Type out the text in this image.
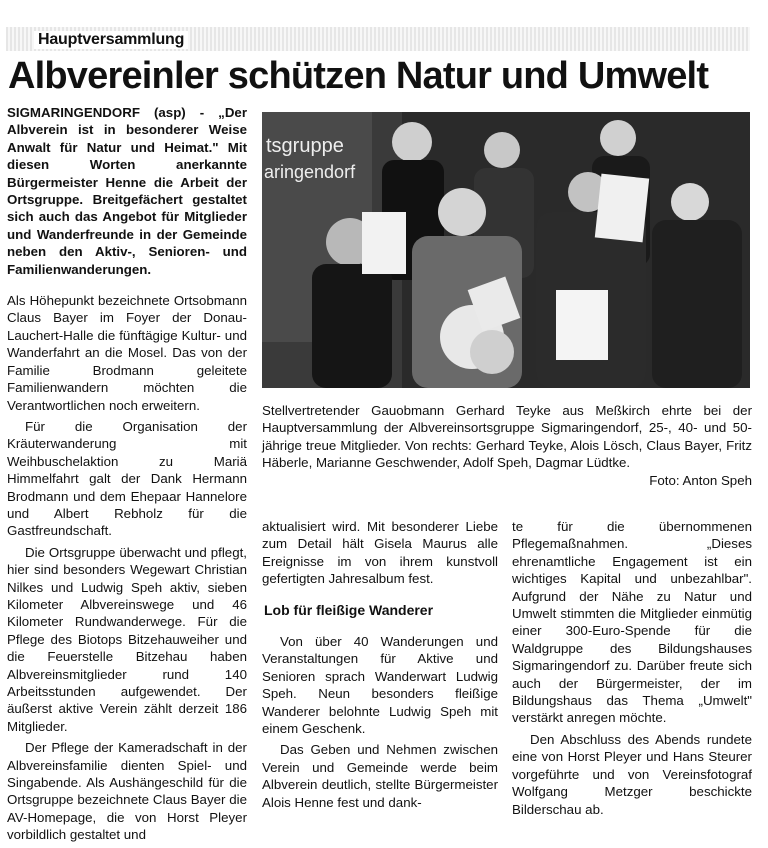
Hauptversammlung
Albvereinler schützen Natur und Umwelt

SIGMARINGENDORF (asp) - „Der Albverein ist in besonderer Weise Anwalt für Natur und Heimat." Mit diesen Worten anerkannte Bürgermeister Henne die Arbeit der Ortsgruppe. Breitgefächert gestaltet sich auch das Angebot für Mitglieder und Wanderfreunde in der Gemeinde neben den Aktiv-, Senioren- und Familienwanderungen.

Als Höhepunkt bezeichnete Ortsobmann Claus Bayer im Foyer der Donau-Lauchert-Halle die fünftägige Kultur- und Wanderfahrt an die Mosel. Das von der Familie Brodmann geleitete Familienwandern möchten die Verantwortlichen noch erweitern.

Für die Organisation der Kräuterwanderung mit Weihbuschelaktion zu Mariä Himmelfahrt galt der Dank Hermann Brodmann und dem Ehepaar Hannelore und Albert Rebholz für die Gastfreundschaft.

Die Ortsgruppe überwacht und pflegt, hier sind besonders Wegewart Christian Nilkes und Ludwig Speh aktiv, sieben Kilometer Albvereinswege und 46 Kilometer Rundwanderwege. Für die Pflege des Biotops Bitzehauweiher und die Feuerstelle Bitzehau haben Albvereinsmitglieder rund 140 Arbeitsstunden aufgewendet. Der äußerst aktive Verein zählt derzeit 186 Mitglieder.

Der Pflege der Kameradschaft in der Albvereinsfamilie dienten Spiel- und Singabende. Als Aushängeschild für die Ortsgruppe bezeichnete Claus Bayer die AV-Homepage, die von Horst Pleyer vorbildlich gestaltet und

tsgruppe
aringendorf
Stellvertretender Gauobmann Gerhard Teyke aus Meßkirch ehrte bei der Hauptversammlung der Albvereinsortsgruppe Sigmaringendorf, 25-, 40- und 50-jährige treue Mitglieder. Von rechts: Gerhard Teyke, Alois Lösch, Claus Bayer, Fritz Häberle, Marianne Geschwender, Adolf Speh, Dagmar Lüdtke.
Foto: Anton Speh

aktualisiert wird. Mit besonderer Liebe zum Detail hält Gisela Maurus alle Ereignisse im von ihrem kunstvoll gefertigten Jahresalbum fest.

Lob für fleißige Wanderer

Von über 40 Wanderungen und Veranstaltungen für Aktive und Senioren sprach Wanderwart Ludwig Speh. Neun besonders fleißige Wanderer belohnte Ludwig Speh mit einem Geschenk.

Das Geben und Nehmen zwischen Verein und Gemeinde werde beim Albverein deutlich, stellte Bürgermeister Alois Henne fest und dank-

te für die übernommenen Pflegemaßnahmen. „Dieses ehrenamtliche Engagement ist ein wichtiges Kapital und unbezahlbar". Aufgrund der Nähe zu Natur und Umwelt stimmten die Mitglieder einmütig einer 300-Euro-Spende für die Waldgruppe des Bildungshauses Sigmaringendorf zu. Darüber freute sich auch der Bürgermeister, der im Bildungshaus das Thema „Umwelt" verstärkt anregen möchte.

Den Abschluss des Abends rundete eine von Horst Pleyer und Hans Steurer vorgeführte und von Vereinsfotograf Wolfgang Metzger beschickte Bilderschau ab.
